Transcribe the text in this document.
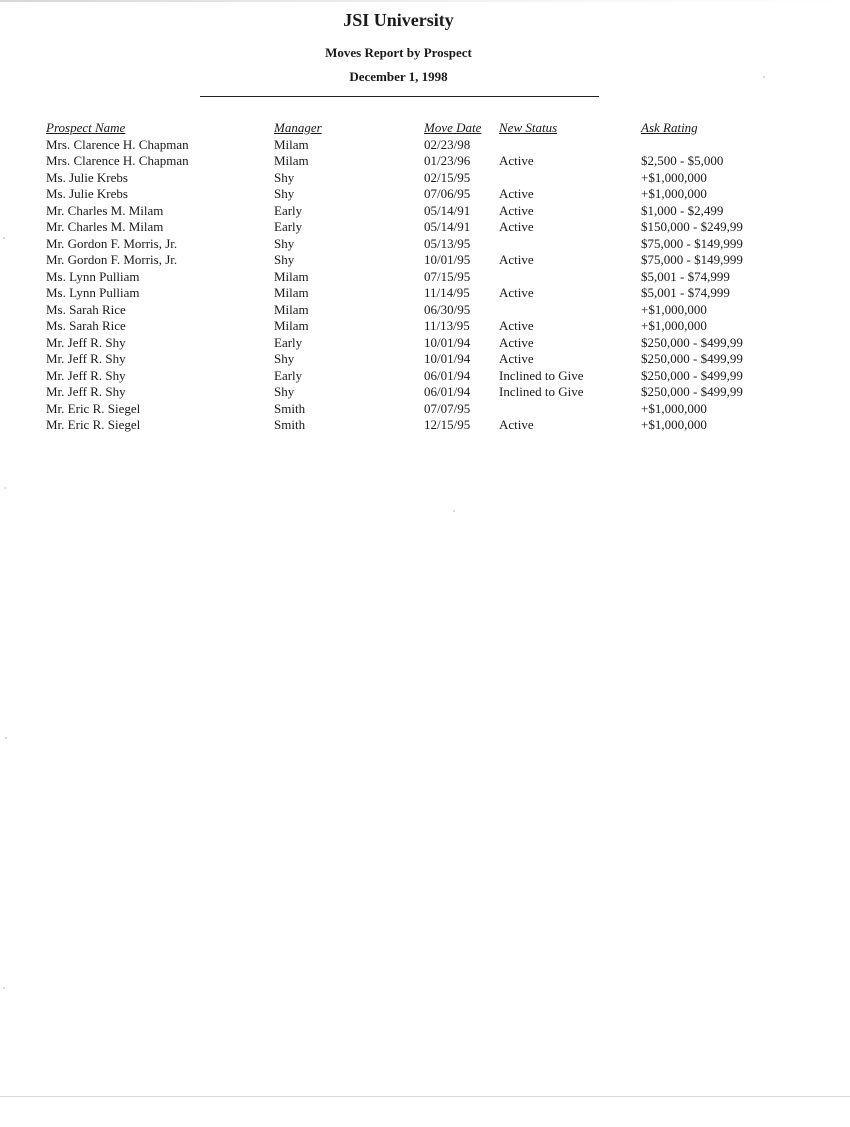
JSI University
Moves Report by Prospect
December 1, 1998
Prospect Name	Manager	Move Date	New Status	Ask Rating
Mrs. Clarence H. Chapman	Milam	02/23/98		
Mrs. Clarence H. Chapman	Milam	01/23/96	Active	$2,500 - $5,000
Ms. Julie Krebs	Shy	02/15/95		+$1,000,000
Ms. Julie Krebs	Shy	07/06/95	Active	+$1,000,000
Mr. Charles M. Milam	Early	05/14/91	Active	$1,000 - $2,499
Mr. Charles M. Milam	Early	05/14/91	Active	$150,000 - $249,99
Mr. Gordon F. Morris, Jr.	Shy	05/13/95		$75,000 - $149,999
Mr. Gordon F. Morris, Jr.	Shy	10/01/95	Active	$75,000 - $149,999
Ms. Lynn Pulliam	Milam	07/15/95		$5,001 - $74,999
Ms. Lynn Pulliam	Milam	11/14/95	Active	$5,001 - $74,999
Ms. Sarah Rice	Milam	06/30/95		+$1,000,000
Ms. Sarah Rice	Milam	11/13/95	Active	+$1,000,000
Mr. Jeff R. Shy	Early	10/01/94	Active	$250,000 - $499,99
Mr. Jeff R. Shy	Shy	10/01/94	Active	$250,000 - $499,99
Mr. Jeff R. Shy	Early	06/01/94	Inclined to Give	$250,000 - $499,99
Mr. Jeff R. Shy	Shy	06/01/94	Inclined to Give	$250,000 - $499,99
Mr. Eric R. Siegel	Smith	07/07/95		+$1,000,000
Mr. Eric R. Siegel	Smith	12/15/95	Active	+$1,000,000
